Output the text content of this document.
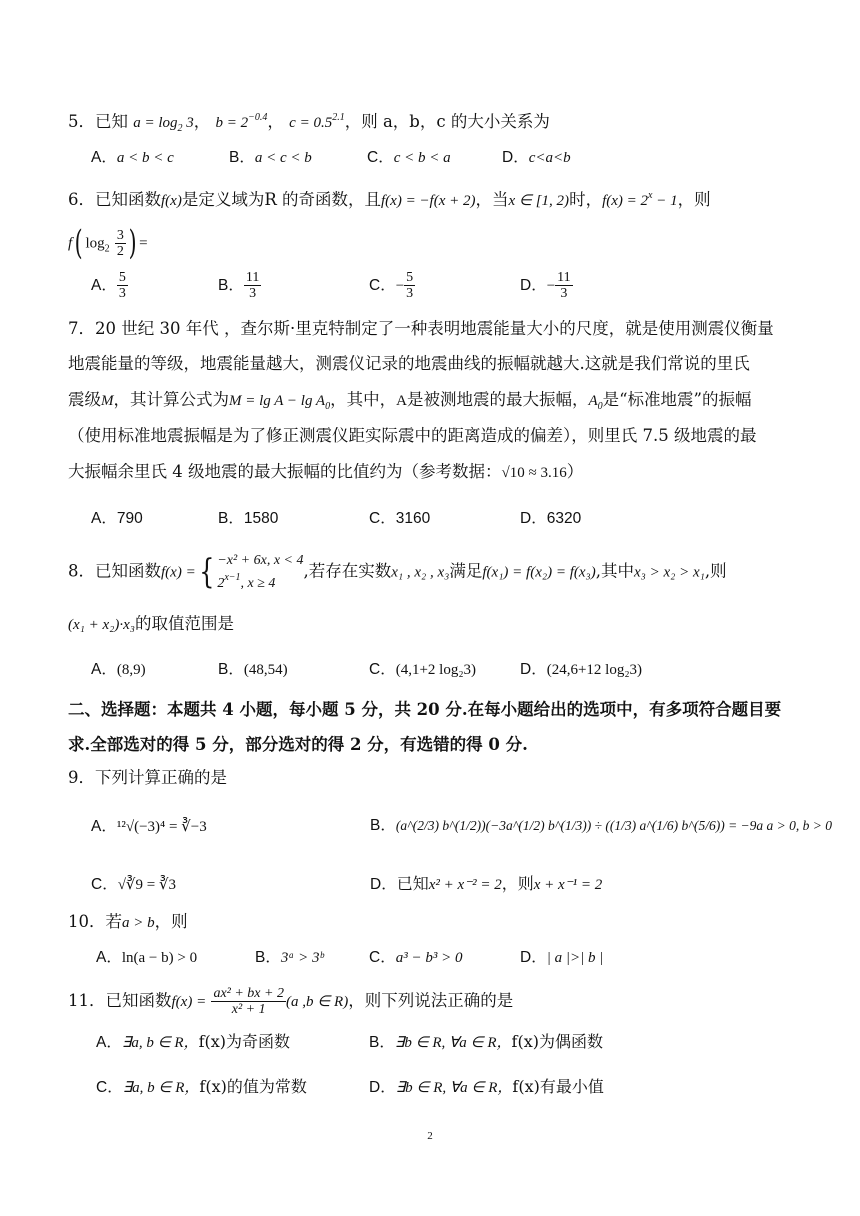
5．已知 $a = \log_2 3$， $b = 2^{-0.4}$， $c = 0.5^{2.1}$，则 a，b，c 的大小关系为
A．a < b < c	B．a < c < b	C．c < b < a	D．c<a<b
6．已知函数f(x)是定义域为R 的奇函数，且f(x) = −f(x + 2)，当x ∈ [1, 2)时，$f(x) = 2^x - 1$，则
f( $\log_2 \frac{3}{2}$ ) =
A． $\frac{5}{3}$	B． $\frac{11}{3}$	C．− $\frac{5}{3}$	D．− $\frac{11}{3}$
7．20 世纪 30 年代 ，查尔斯·里克特制定了一种表明地震能量大小的尺度，就是使用测震仪衡量
地震能量的等级，地震能量越大，测震仪记录的地震曲线的振幅就越大.这就是我们常说的里氏
震级M，其计算公式为$M = \lg A - \lg A_0$，其中，A是被测地震的最大振幅，$A_0$是“标准地震”的振幅
（使用标准地震振幅是为了修正测震仪距实际震中的距离造成的偏差），则里氏 7.5 级地震的最
大振幅余里氏 4 级地震的最大振幅的比值约为（参考数据：√10 ≈ 3.16）
A．790	B．1580	C．3160	D．6320
8．已知函数f(x) ={ −x² + 6x, x < 4
$2^{x-1}$, x ≥ 4
,若存在实数x₁ , x₂ , x₃满足f(x₁) = f(x₂) = f(x₃),其中x₃ > x₂ > x₁,则
(x₁ + x₂)·x₃的取值范围是
A．(8,9)	B．(48,54)	C．(4,1+2 log₂3)	D．(24,6+12 log₂3)
二、选择题：本题共 4 小题，每小题 5 分，共 20 分.在每小题给出的选项中，有多项符合题目要
求.全部选对的得 5 分，部分选对的得 2 分，有选错的得 0 分.
9．下列计算正确的是
A．¹²√(−3)⁴ = ∛−3	B．(a^(2/3) b^(1/2))(−3a^(1/2) b^(1/3)) ÷ ((1/3) a^(1/6) b^(5/6)) = −9a a > 0, b > 0
C．√∛9 = ∛3	D．已知x² + x⁻² = 2，则x + x⁻¹ = 2
10．若a > b，则
A．ln(a − b) > 0	B．3ᵃ > 3ᵇ	C．a³ − b³ > 0	D．| a |>| b |
11．已知函数$f(x) = \frac{\text{ax² + bx + 2}}{\text{x² + 1}} (a$ ,b ∈ R)，则下列说法正确的是
A．∃a, b ∈ R，f(x)为奇函数	B．∃b ∈ R, ∀a ∈ R，f(x)为偶函数
C．∃a, b ∈ R，f(x)的值为常数	D．∃b ∈ R, ∀a ∈ R，f(x)有最小值
2
